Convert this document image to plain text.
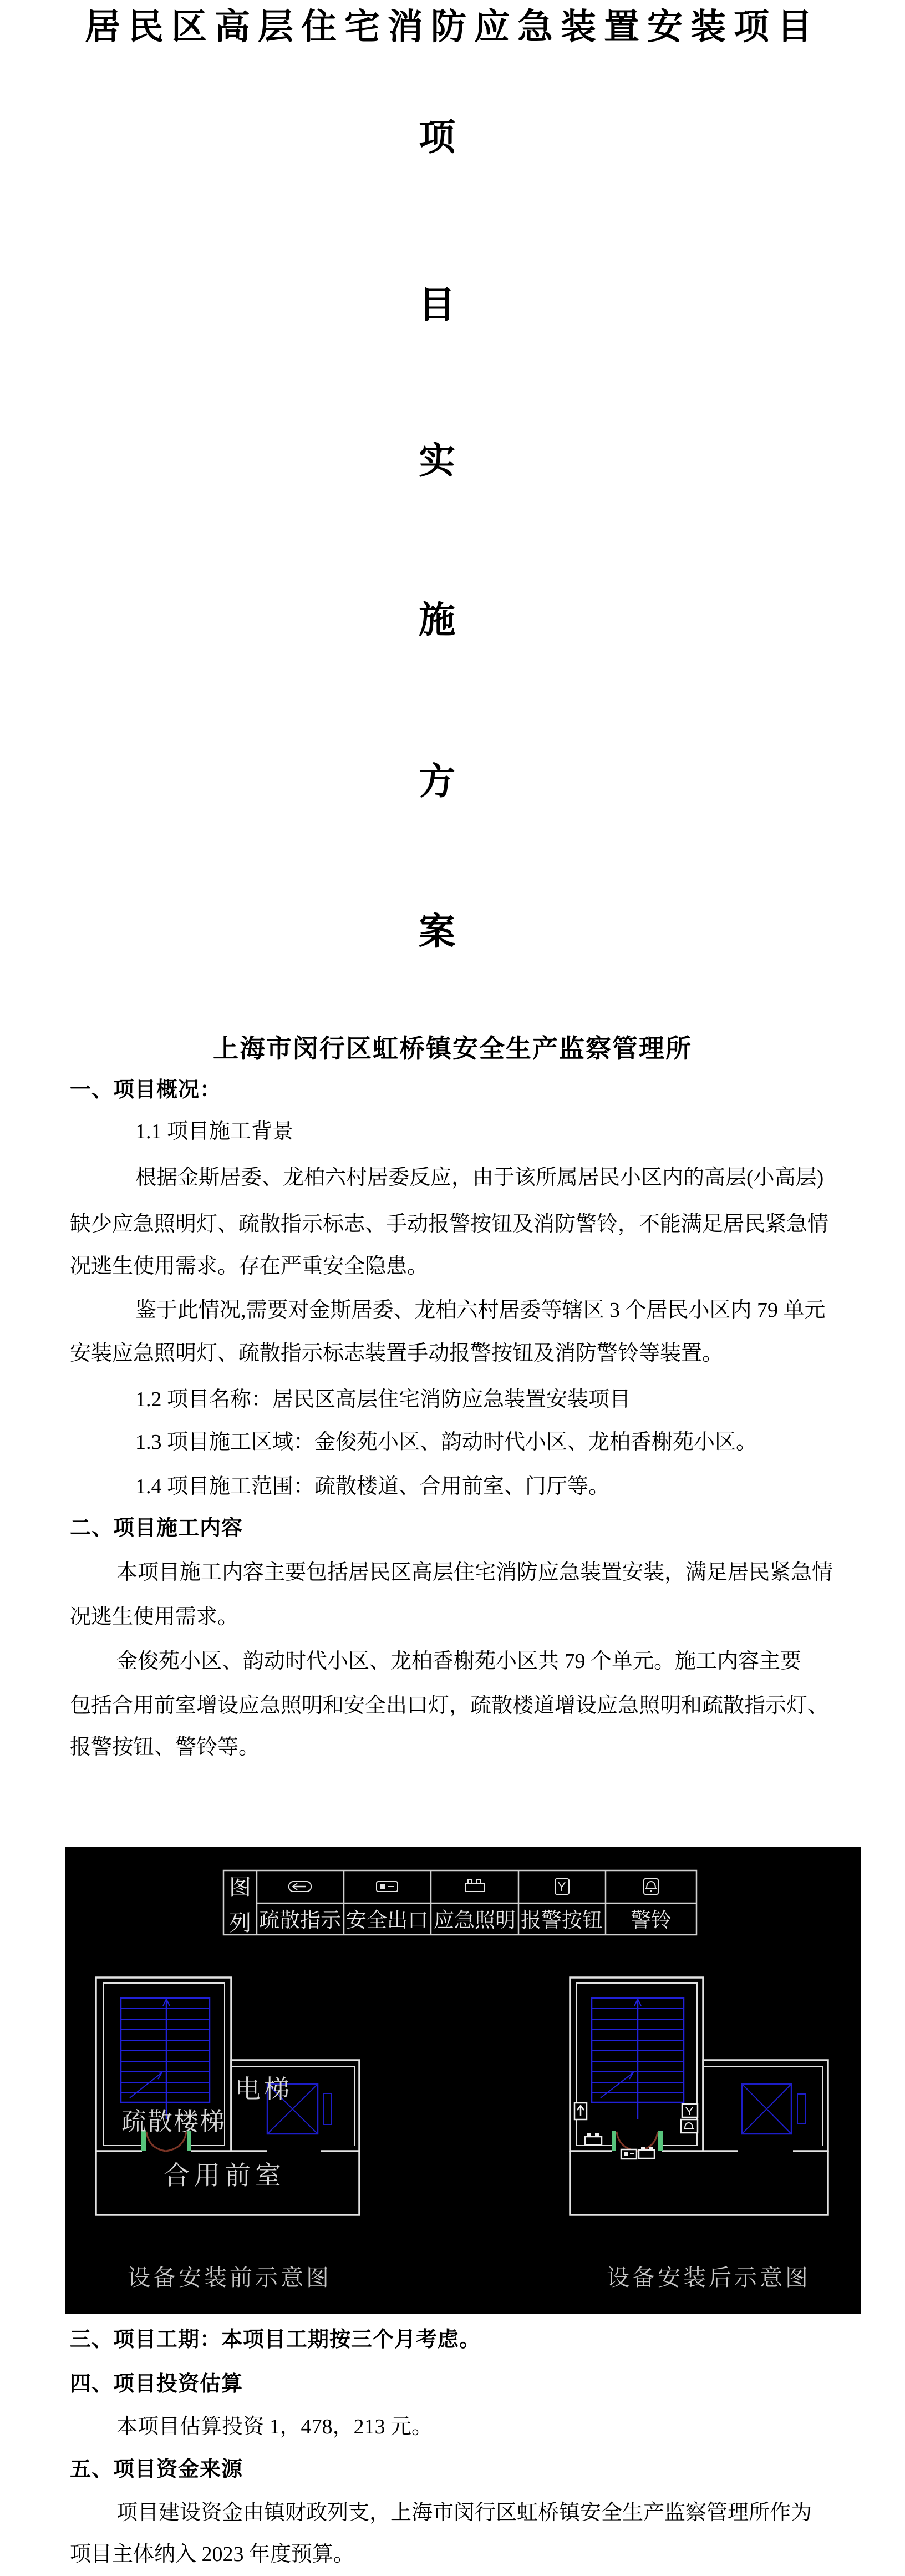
居民区高层住宅消防应急装置安装项目
项
目
实
施
方
案
上海市闵行区虹桥镇安全生产监察管理所
一、项目概况：
1.1 项目施工背景
根据金斯居委、龙柏六村居委反应，由于该所属居民小区内的高层(小高层)
缺少应急照明灯、疏散指示标志、手动报警按钮及消防警铃，不能满足居民紧急情
况逃生使用需求。存在严重安全隐患。
鉴于此情况,需要对金斯居委、龙柏六村居委等辖区 3 个居民小区内 79 单元
安装应急照明灯、疏散指示标志装置手动报警按钮及消防警铃等装置。
1.2 项目名称：居民区高层住宅消防应急装置安装项目
1.3 项目施工区域：金俊苑小区、韵动时代小区、龙柏香榭苑小区。
1.4 项目施工范围：疏散楼道、合用前室、门厅等。
二、项目施工内容
本项目施工内容主要包括居民区高层住宅消防应急装置安装，满足居民紧急情
况逃生使用需求。
金俊苑小区、韵动时代小区、龙柏香榭苑小区共 79 个单元。施工内容主要
包括合用前室增设应急照明和安全出口灯，疏散楼道增设应急照明和疏散指示灯、
报警按钮、警铃等。
图
列 疏散指示 安全出口 应急照明 报警按钮 警铃
电梯
疏散楼梯
合用前室
设备安装前示意图	设备安装后示意图
三、项目工期：本项目工期按三个月考虑。
四、项目投资估算
本项目估算投资 1，478，213 元。
五、项目资金来源
项目建设资金由镇财政列支，上海市闵行区虹桥镇安全生产监察管理所作为
项目主体纳入 2023 年度预算。
